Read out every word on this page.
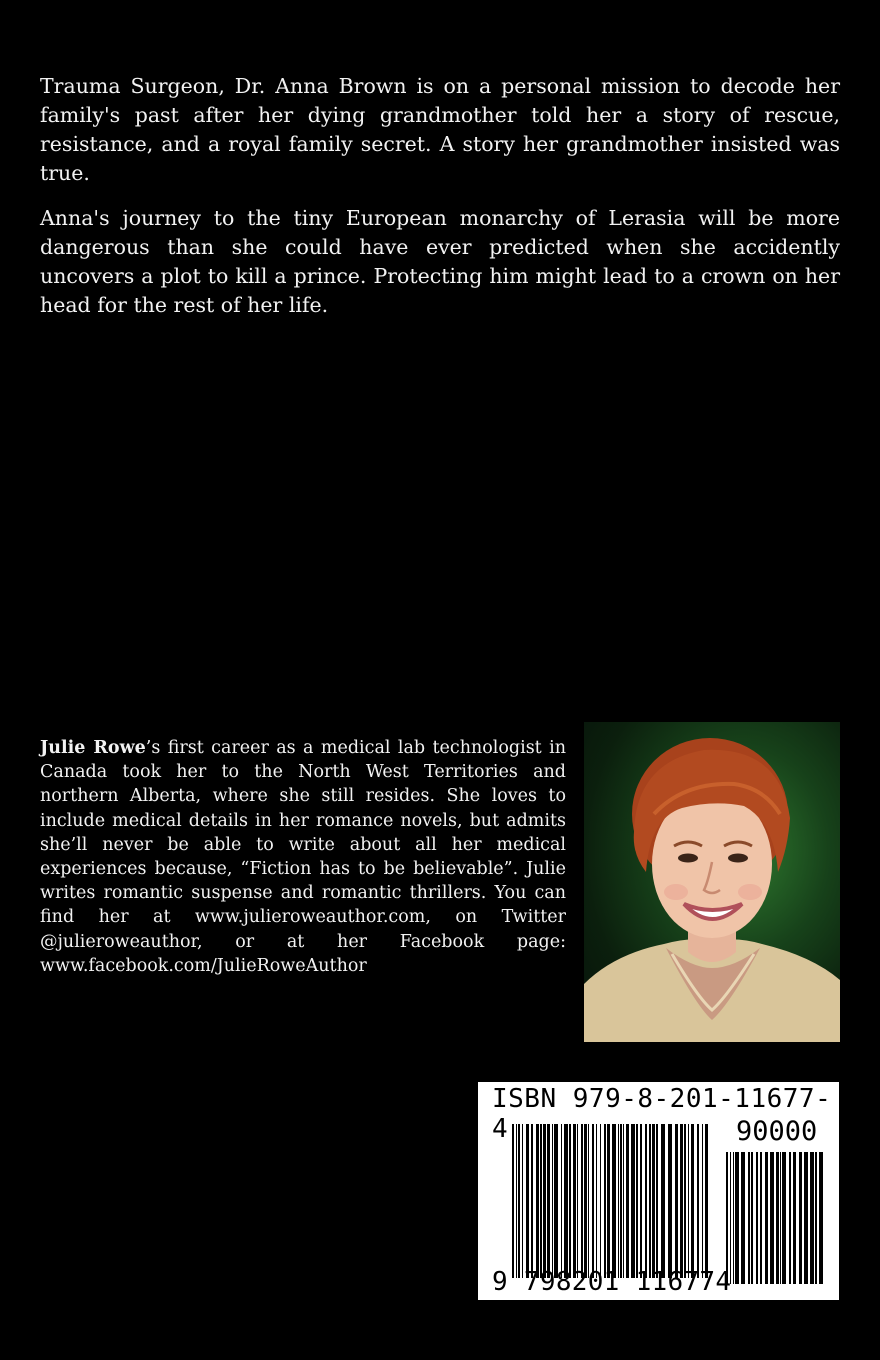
Trauma Surgeon, Dr. Anna Brown is on a personal mission to decode her family's past after her dying grandmother told her a story of rescue, resistance, and a royal family secret. A story her grandmother insisted was true.

Anna's journey to the tiny European monarchy of Lerasia will be more dangerous than she could have ever predicted when she accidently uncovers a plot to kill a prince. Protecting him might lead to a crown on her head for the rest of her life.

Julie Rowe’s first career as a medical lab technologist in Canada took her to the North West Territories and northern Alberta, where she still resides. She loves to include medical details in her romance novels, but admits she’ll never be able to write about all her medical experiences because, “Fiction has to be believable”. Julie writes romantic suspense and romantic thrillers. You can find her at www.julieroweauthor.com, on Twitter @julieroweauthor, or at her Facebook page: www.facebook.com/JulieRoweAuthor
ISBN 979-8-201-11677-4	90000
9 798201 116774
